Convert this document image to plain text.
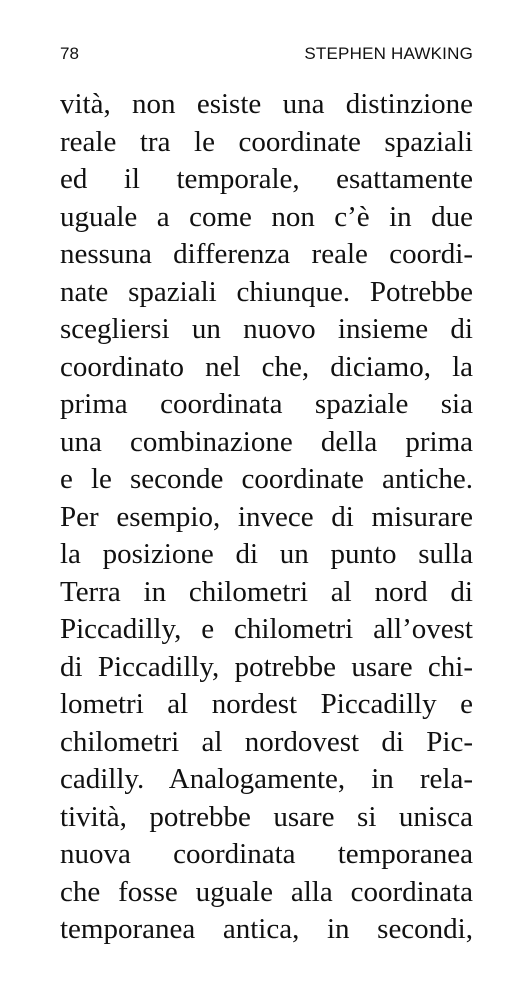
78	STEPHEN HAWKING
vità, non esiste una distinzione
reale tra le coordinate spaziali
ed il temporale, esattamente
uguale a come non c’è in due
nessuna differenza reale coordi-
nate spaziali chiunque. Potrebbe
scegliersi un nuovo insieme di
coordinato nel che, diciamo, la
prima coordinata spaziale sia
una combinazione della prima
e le seconde coordinate antiche.
Per esempio, invece di misurare
la posizione di un punto sulla
Terra in chilometri al nord di
Piccadilly, e chilometri all’ovest
di Piccadilly, potrebbe usare chi-
lometri al nordest Piccadilly e
chilometri al nordovest di Pic-
cadilly. Analogamente, in rela-
tività, potrebbe usare si unisca
nuova coordinata temporanea
che fosse uguale alla coordinata
temporanea antica, in secondi,
